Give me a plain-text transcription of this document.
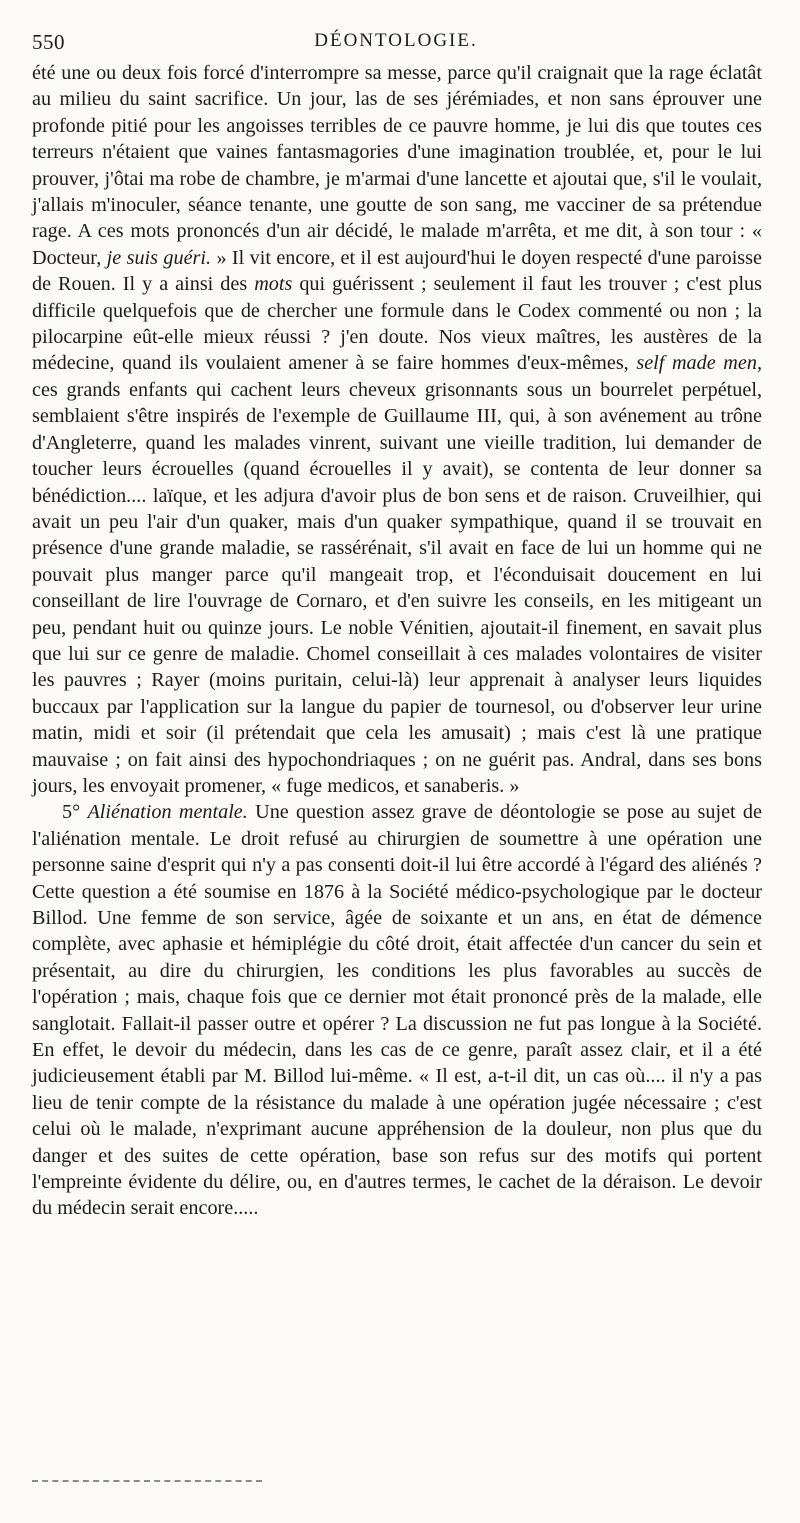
550	DÉONTOLOGIE.

été une ou deux fois forcé d'interrompre sa messe, parce qu'il craignait que la rage éclatât au milieu du saint sacrifice. Un jour, las de ses jérémiades, et non sans éprouver une profonde pitié pour les angoisses terribles de ce pauvre homme, je lui dis que toutes ces terreurs n'étaient que vaines fantasmagories d'une imagination troublée, et, pour le lui prouver, j'ôtai ma robe de chambre, je m'armai d'une lancette et ajoutai que, s'il le voulait, j'allais m'inoculer, séance tenante, une goutte de son sang, me vacciner de sa prétendue rage. A ces mots prononcés d'un air décidé, le malade m'arrêta, et me dit, à son tour : « Docteur, je suis guéri. » Il vit encore, et il est aujourd'hui le doyen respecté d'une paroisse de Rouen. Il y a ainsi des mots qui guérissent ; seulement il faut les trouver ; c'est plus difficile quelquefois que de chercher une formule dans le Codex commenté ou non ; la pilocarpine eût-elle mieux réussi ? j'en doute. Nos vieux maîtres, les austères de la médecine, quand ils voulaient amener à se faire hommes d'eux-mêmes, self made men, ces grands enfants qui cachent leurs cheveux grisonnants sous un bourrelet perpétuel, semblaient s'être inspirés de l'exemple de Guillaume III, qui, à son avénement au trône d'Angleterre, quand les malades vinrent, suivant une vieille tradition, lui demander de toucher leurs écrouelles (quand écrouelles il y avait), se contenta de leur donner sa bénédiction.... laïque, et les adjura d'avoir plus de bon sens et de raison. Cruveilhier, qui avait un peu l'air d'un quaker, mais d'un quaker sympathique, quand il se trouvait en présence d'une grande maladie, se rassérénait, s'il avait en face de lui un homme qui ne pouvait plus manger parce qu'il mangeait trop, et l'éconduisait doucement en lui conseillant de lire l'ouvrage de Cornaro, et d'en suivre les conseils, en les mitigeant un peu, pendant huit ou quinze jours. Le noble Vénitien, ajoutait-il finement, en savait plus que lui sur ce genre de maladie. Chomel conseillait à ces malades volontaires de visiter les pauvres ; Rayer (moins puritain, celui-là) leur apprenait à analyser leurs liquides buccaux par l'application sur la langue du papier de tournesol, ou d'observer leur urine matin, midi et soir (il prétendait que cela les amusait) ; mais c'est là une pratique mauvaise ; on fait ainsi des hypochondriaques ; on ne guérit pas. Andral, dans ses bons jours, les envoyait promener, « fuge medicos, et sanaberis. »

5° Aliénation mentale. Une question assez grave de déontologie se pose au sujet de l'aliénation mentale. Le droit refusé au chirurgien de soumettre à une opération une personne saine d'esprit qui n'y a pas consenti doit-il lui être accordé à l'égard des aliénés ? Cette question a été soumise en 1876 à la Société médico-psychologique par le docteur Billod. Une femme de son service, âgée de soixante et un ans, en état de démence complète, avec aphasie et hémiplégie du côté droit, était affectée d'un cancer du sein et présentait, au dire du chirurgien, les conditions les plus favorables au succès de l'opération ; mais, chaque fois que ce dernier mot était prononcé près de la malade, elle sanglotait. Fallait-il passer outre et opérer ? La discussion ne fut pas longue à la Société. En effet, le devoir du médecin, dans les cas de ce genre, paraît assez clair, et il a été judicieusement établi par M. Billod lui-même. « Il est, a-t-il dit, un cas où.... il n'y a pas lieu de tenir compte de la résistance du malade à une opération jugée nécessaire ; c'est celui où le malade, n'exprimant aucune appréhension de la douleur, non plus que du danger et des suites de cette opération, base son refus sur des motifs qui portent l'empreinte évidente du délire, ou, en d'autres termes, le cachet de la déraison. Le devoir du médecin serait encore.....
